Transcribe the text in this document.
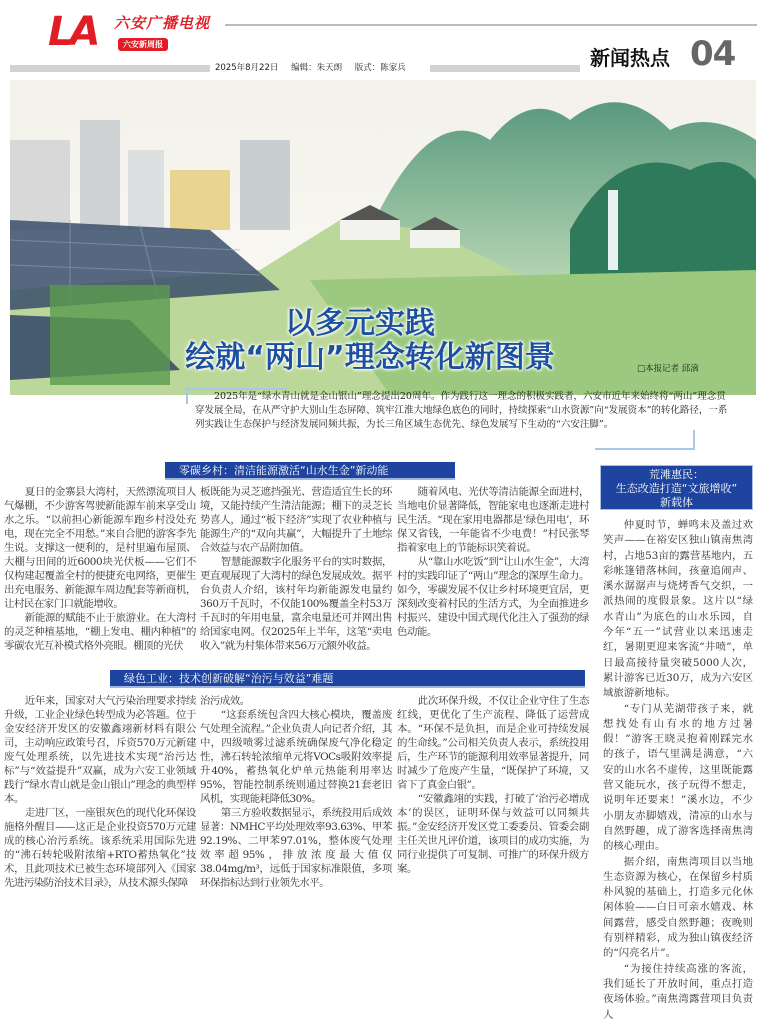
LA	六安广播电视
六安新周报
2025年8月22日 编辑：朱天朗 版式：陈家兵	新闻热点 04
以多元实践
绘就“两山”理念转化新图景	□本报记者 邱滴
2025年是“绿水青山就是金山银山”理念提出20周年。作为践行这一理念的积极实践者，六安市近年来始终将“两山”理念贯穿发展全局，在从严守护大别山生态屏障、筑牢江淮大地绿色底色的同时，持续探索“山水资源”向“发展资本”的转化路径，一系列实践让生态保护与经济发展同频共振，为长三角区域生态优先、绿色发展写下生动的“六安注脚”。
零碳乡村：清洁能源激活“山水生金”新动能

夏日的金寨县大湾村，天然漂流项目人气爆棚，不少游客驾驶新能源车前来享受山水之乐。“以前担心新能源车跑乡村没处充电，现在完全不用愁。”来自合肥的游客李先生说。支撑这一便利的，是村里遍布屋顶、大棚与田间的近6000块光伏板——它们不仅构建起覆盖全村的便捷充电网络，更催生出充电服务、新能源车周边配套等新商机，让村民在家门口就能增收。

新能源的赋能不止于旅游业。在大湾村的灵芝种植基地，“棚上发电、棚内种植”的零碳农光互补模式格外亮眼。棚顶的光伏

板既能为灵芝遮挡强光、营造适宜生长的环境，又能持续产生清洁能源；棚下的灵芝长势喜人，通过“板下经济”实现了农业种植与能源生产的“双向共赢”，大幅提升了土地综合效益与农产品附加值。

智慧能源数字化服务平台的实时数据，更直观展现了大湾村的绿色发展成效。据平台负责人介绍，该村年均新能源发电量约360万千瓦时，不仅能100%覆盖全村53万千瓦时的年用电量，富余电量还可并网出售给国家电网。仅2025年上半年，这笔“卖电收入”就为村集体带来56万元额外收益。

随着风电、光伏等清洁能源全面进村，当地电价显著降低，智能家电也逐渐走进村民生活。“现在家用电器都是‘绿色用电’，环保又省钱，一年能省不少电费！”村民张琴指着家电上的节能标识笑着说。

从“靠山水吃饭”到“让山水生金”，大湾村的实践印证了“两山”理念的深厚生命力。如今，零碳发展不仅让乡村环境更宜居，更深刻改变着村民的生活方式，为全面推进乡村振兴、建设中国式现代化注入了强劲的绿色动能。

绿色工业：技术创新破解“治污与效益”难题

近年来，国家对大气污染治理要求持续升级，工业企业绿色转型成为必答题。位于金安经济开发区的安徽鑫翊新材料有限公司，主动响应政策号召，斥资570万元新建废气处理系统，以先进技术实现“治污达标”与“效益提升”双赢，成为六安工业领域践行“绿水青山就是金山银山”理念的典型样本。

走进厂区，一座银灰色的现代化环保设施格外醒目——这正是企业投资570万元建成的核心治污系统。该系统采用国际先进的“沸石转轮吸附浓缩+RTO蓄热氧化”技术，且此项技术已被生态环境部列入《国家先进污染防治技术目录》，从技术源头保障

治污成效。

“这套系统包含四大核心模块，覆盖废气处理全流程。”企业负责人向记者介绍，其中，四级喷雾过滤系统确保废气净化稳定性，沸石转轮浓缩单元将VOCs吸附效率提升40%，蓄热氧化炉单元热能利用率达95%，智能控制系统则通过替换21套老旧风机，实现能耗降低30%。

第三方验收数据显示，系统投用后成效显著：NMHC平均处理效率93.63%、甲苯92.19%、二甲苯97.01%，整体废气处理效率超95%，排放浓度最大值仅38.04mg/m³，远低于国家标准限值，多项环保指标达到行业领先水平。

此次环保升级，不仅让企业守住了生态红线，更优化了生产流程、降低了运营成本。“环保不是负担，而是企业可持续发展的生命线。”公司相关负责人表示，系统投用后，生产环节的能源利用效率显著提升，同时减少了危废产生量，“既保护了环境，又省下了真金白银”。

“安徽鑫翊的实践，打破了‘治污必增成本’的误区，证明环保与效益可以同频共振。”金安经济开发区党工委委员、管委会副主任关世凡评价道，该项目的成功实施，为同行业提供了可复制、可推广的环保升级方案。

荒滩惠民：
生态改造打造“文旅增收”
新载体

仲夏时节，蝉鸣未及盖过欢笑声——在裕安区独山镇南焦湾村，占地53亩的露营基地内，五彩帐篷错落林间，孩童追闹声、溪水潺潺声与烧烤香气交织，一派热闹的度假景象。这片以“绿水青山”为底色的山水乐园，自今年“五一”试营业以来迅速走红，暑期更迎来客流“井喷”，单日最高接待量突破5000人次，累计游客已近30万，成为六安区域旅游新地标。

“专门从芜湖带孩子来，就想找处有山有水的地方过暑假！”游客王晓灵抱着刚踩完水的孩子，语气里满是满意，“六安的山水名不虚传，这里既能露营又能玩水，孩子玩得不想走，说明年还要来！”溪水边，不少小朋友赤脚嬉戏，清凉的山水与自然野趣，成了游客选择南焦湾的核心理由。

据介绍，南焦湾项目以当地生态资源为核心，在保留乡村质朴风貌的基础上，打造多元化休闲体验——白日可亲水嬉戏、林间露营，感受自然野趣；夜晚则有别样精彩，成为独山镇夜经济的“闪亮名片”。

“为接住持续高涨的客流，我们延长了开放时间，重点打造夜场体验。”南焦湾露营项目负责人
